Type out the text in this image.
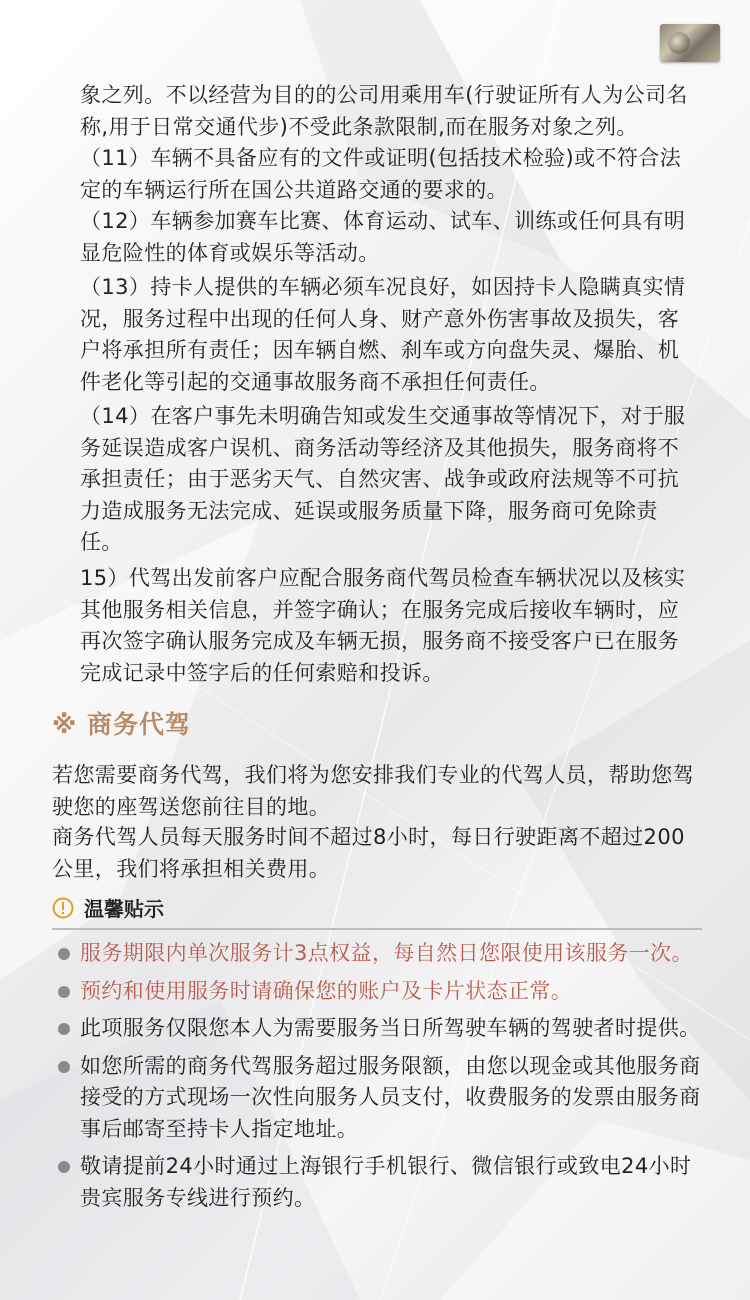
象之列。不以经营为目的的公司用乘用车(行驶证所有人为公司名称,用于日常交通代步)不受此条款限制,而在服务对象之列。

（11）车辆不具备应有的文件或证明(包括技术检验)或不符合法定的车辆运行所在国公共道路交通的要求的。

（12）车辆参加赛车比赛、体育运动、试车、训练或任何具有明显危险性的体育或娱乐等活动。

（13）持卡人提供的车辆必须车况良好，如因持卡人隐瞒真实情况，服务过程中出现的任何人身、财产意外伤害事故及损失，客户将承担所有责任；因车辆自燃、刹车或方向盘失灵、爆胎、机件老化等引起的交通事故服务商不承担任何责任。

（14）在客户事先未明确告知或发生交通事故等情况下，对于服务延误造成客户误机、商务活动等经济及其他损失，服务商将不承担责任；由于恶劣天气、自然灾害、战争或政府法规等不可抗力造成服务无法完成、延误或服务质量下降，服务商可免除责任。

15）代驾出发前客户应配合服务商代驾员检查车辆状况以及核实其他服务相关信息，并签字确认；在服务完成后接收车辆时，应再次签字确认服务完成及车辆无损，服务商不接受客户已在服务完成记录中签字后的任何索赔和投诉。

※ 商务代驾

若您需要商务代驾，我们将为您安排我们专业的代驾人员，帮助您驾驶您的座驾送您前往目的地。

商务代驾人员每天服务时间不超过8小时，每日行驶距离不超过200公里，我们将承担相关费用。

温馨贴示
服务期限内单次服务计3点权益，每自然日您限使用该服务一次。
预约和使用服务时请确保您的账户及卡片状态正常。
此项服务仅限您本人为需要服务当日所驾驶车辆的驾驶者时提供。
如您所需的商务代驾服务超过服务限额，由您以现金或其他服务商接受的方式现场一次性向服务人员支付，收费服务的发票由服务商事后邮寄至持卡人指定地址。
敬请提前24小时通过上海银行手机银行、微信银行或致电24小时贵宾服务专线进行预约。
